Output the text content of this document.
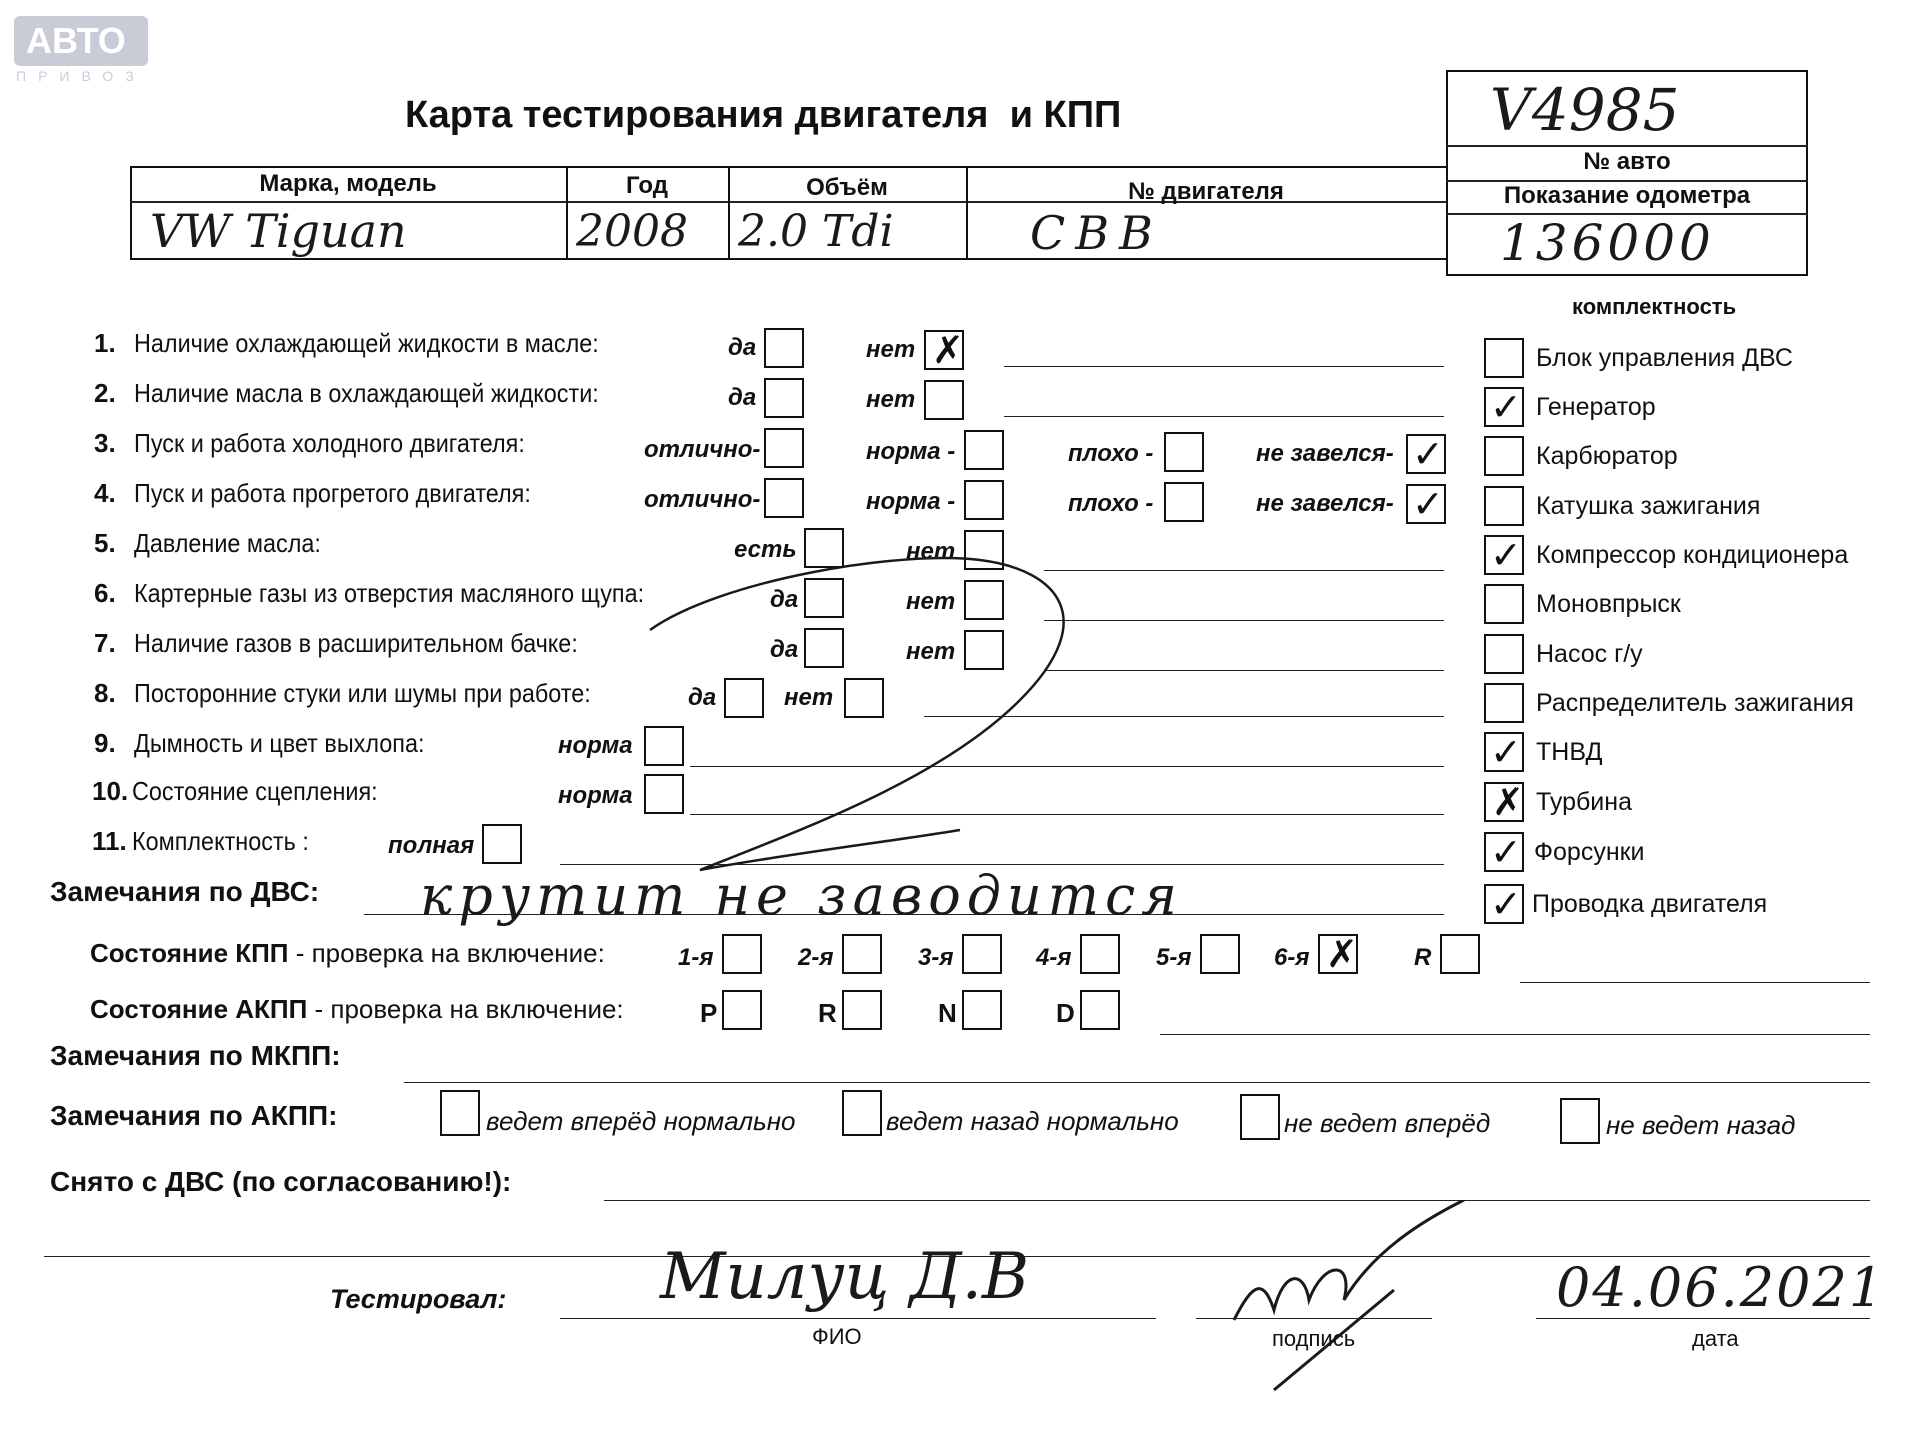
АВТО
ПРИВОЗ
Карта тестирования двигателя  и КПП	V4985
№ авто
Показание одометра
136000
Марка, модель	Год	Объём	№ двигателя
VW Tiguan	2008 2.0 Tdi	CBB
комплектность
Блок управления ДВС
✓ Генератор
Карбюратор
Катушка зажигания
✓ Компрессор кондиционера
Моновпрыск
Насос г/у
Распределитель зажигания
✓ ТНВД
✗ Турбина
✓ Форсунки
✓ Проводка двигателя
1. Наличие охлаждающей жидкости в масле:	да	нет ✗
2. Наличие масла в охлаждающей жидкости:	да	нет
3. Пуск и работа холодного двигателя:	отлично-	норма -	плохо -	не завелся- ✓
4. Пуск и работа прогретого двигателя:	отлично-	норма -	плохо -	не завелся- ✓
5. Давление масла:	есть	нет
6. Картерные газы из отверстия масляного щупа:	да	нет
7. Наличие газов в расширительном бачке:	да	нет
8. Посторонние стуки или шумы при работе:	да	нет
9. Дымность и цвет выхлопа:	норма
10. Состояние сцепления:	норма
11. Комплектность :	полная
Замечания по ДВС: крутит не заводится
Состояние КПП - проверка на включение:	1-я	2-я	3-я	4-я	5-я	6-я ✗ R
Состояние АКПП - проверка на включение:	P	R	N	D
Замечания по МКПП:
Замечания по АКПП:	ведет вперёд нормально	ведет назад нормально	не ведет вперёд	не ведет назад
Снято с ДВС (по согласованию!):
Тестировал: Милуц Д.В
ФИО	подпись
04.06.2021
дата
